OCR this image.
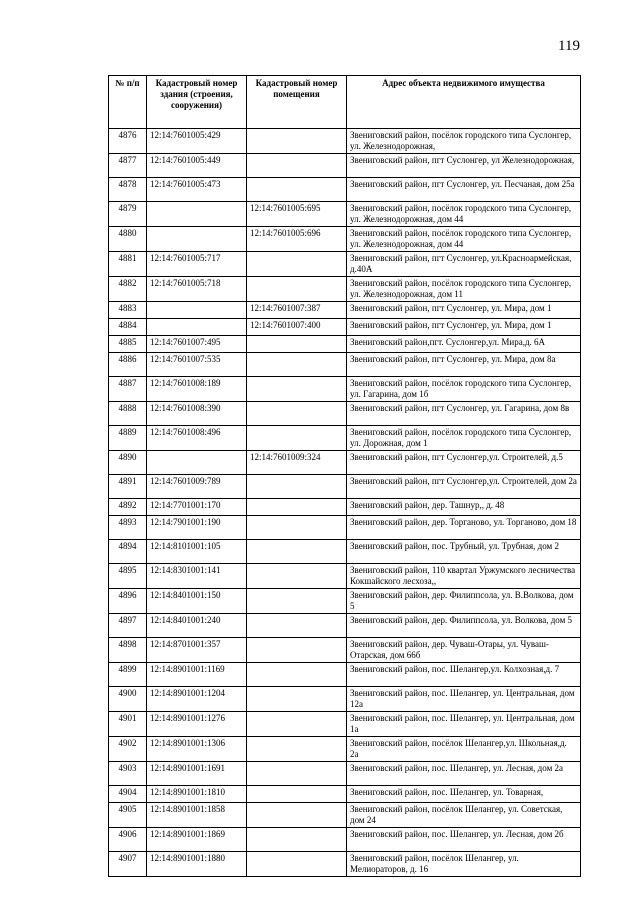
119
№ п/п	Кадастровый номер здания (строения, сооружения)	Кадастровый номер помещения	Адрес объекта недвижимого имущества
4876	12:14:7601005:429		Звениговский район, посёлок городского типа Суслонгер, ул. Железнодорожная,
4877	12:14:7601005:449		Звениговский район, пгт Суслонгер, ул Железнодорожная,
4878	12:14:7601005:473		Звениговский район, пгт Суслонгер, ул. Песчаная, дом 25а
4879		12:14:7601005:695	Звениговский район, посёлок городского типа Суслонгер, ул. Железнодорожная, дом 44
4880		12:14:7601005:696	Звениговский район, посёлок городского типа Суслонгер, ул. Железнодорожная, дом 44
4881	12:14:7601005:717		Звениговский район, пгт Суслонгер, ул.Красноармейская, д.40А
4882	12:14:7601005:718		Звениговский район, посёлок городского типа Суслонгер, ул. Железнодорожная, дом 11
4883		12:14:7601007:387	Звениговский район, пгт Суслонгер, ул. Мира, дом 1
4884		12:14:7601007:400	Звениговский район, пгт Суслонгер, ул. Мира, дом 1
4885	12:14:7601007:495		Звениговский район,пгт. Суслонгер,ул. Мира,д. 6А
4886	12:14:7601007:535		Звениговский район, пгт Суслонгер, ул. Мира, дом 8а
4887	12:14:7601008:189		Звениговский район, посёлок городского типа Суслонгер, ул. Гагарина, дом 1б
4888	12:14:7601008:390		Звениговский район, пгт Суслонгер, ул. Гагарина, дом 8в
4889	12:14:7601008:496		Звениговский район, посёлок городского типа Суслонгер, ул. Дорожная, дом 1
4890		12:14:7601009:324	Звениговский район, пгт Суслонгер,ул. Строителей, д.5
4891	12:14:7601009:789		Звениговский район, пгт Суслонгер,ул. Строителей, дом 2а
4892	12:14:7701001:170		Звениговский район, дер. Ташнур,, д. 48
4893	12:14:7901001:190		Звениговский район, дер. Торганово, ул. Торганово, дом 18
4894	12:14:8101001:105		Звениговский район, пос. Трубный, ул. Трубная, дом 2
4895	12:14:8301001:141		Звениговский район, 110 квартал Уржумского лесничества Кокшайского лесхоза,,
4896	12:14:8401001:150		Звениговский район, дер. Филиппсола, ул. В.Волкова, дом 5
4897	12:14:8401001:240		Звениговский район, дер. Филиппсола, ул. Волкова, дом 5
4898	12:14:8701001:357		Звениговский район, дер. Чуваш-Отары, ул. Чуваш-Отарская, дом 66б
4899	12:14:8901001:1169		Звениговский район, пос. Шелангер,ул. Колхозная,д. 7
4900	12:14:8901001:1204		Звениговский район, пос. Шелангер, ул. Центральная, дом 12а
4901	12:14:8901001:1276		Звениговский район, пос. Шелангер, ул. Центральная, дом 1а
4902	12:14:8901001:1306		Звениговский район, посёлок Шелангер,ул. Школьная,д. 2а
4903	12:14:8901001:1691		Звениговский район, пос. Шелангер, ул. Лесная, дом 2а
4904	12:14:8901001:1810		Звениговский район, пос. Шелангер, ул. Товарная,
4905	12:14:8901001:1858		Звениговский район, посёлок Шелангер, ул. Советская, дом 24
4906	12:14:8901001:1869		Звениговский район, пос. Шелангер, ул. Лесная, дом 2б
4907	12:14:8901001:1880		Звениговский район, посёлок Шелангер, ул. Мелиораторов, д. 16
